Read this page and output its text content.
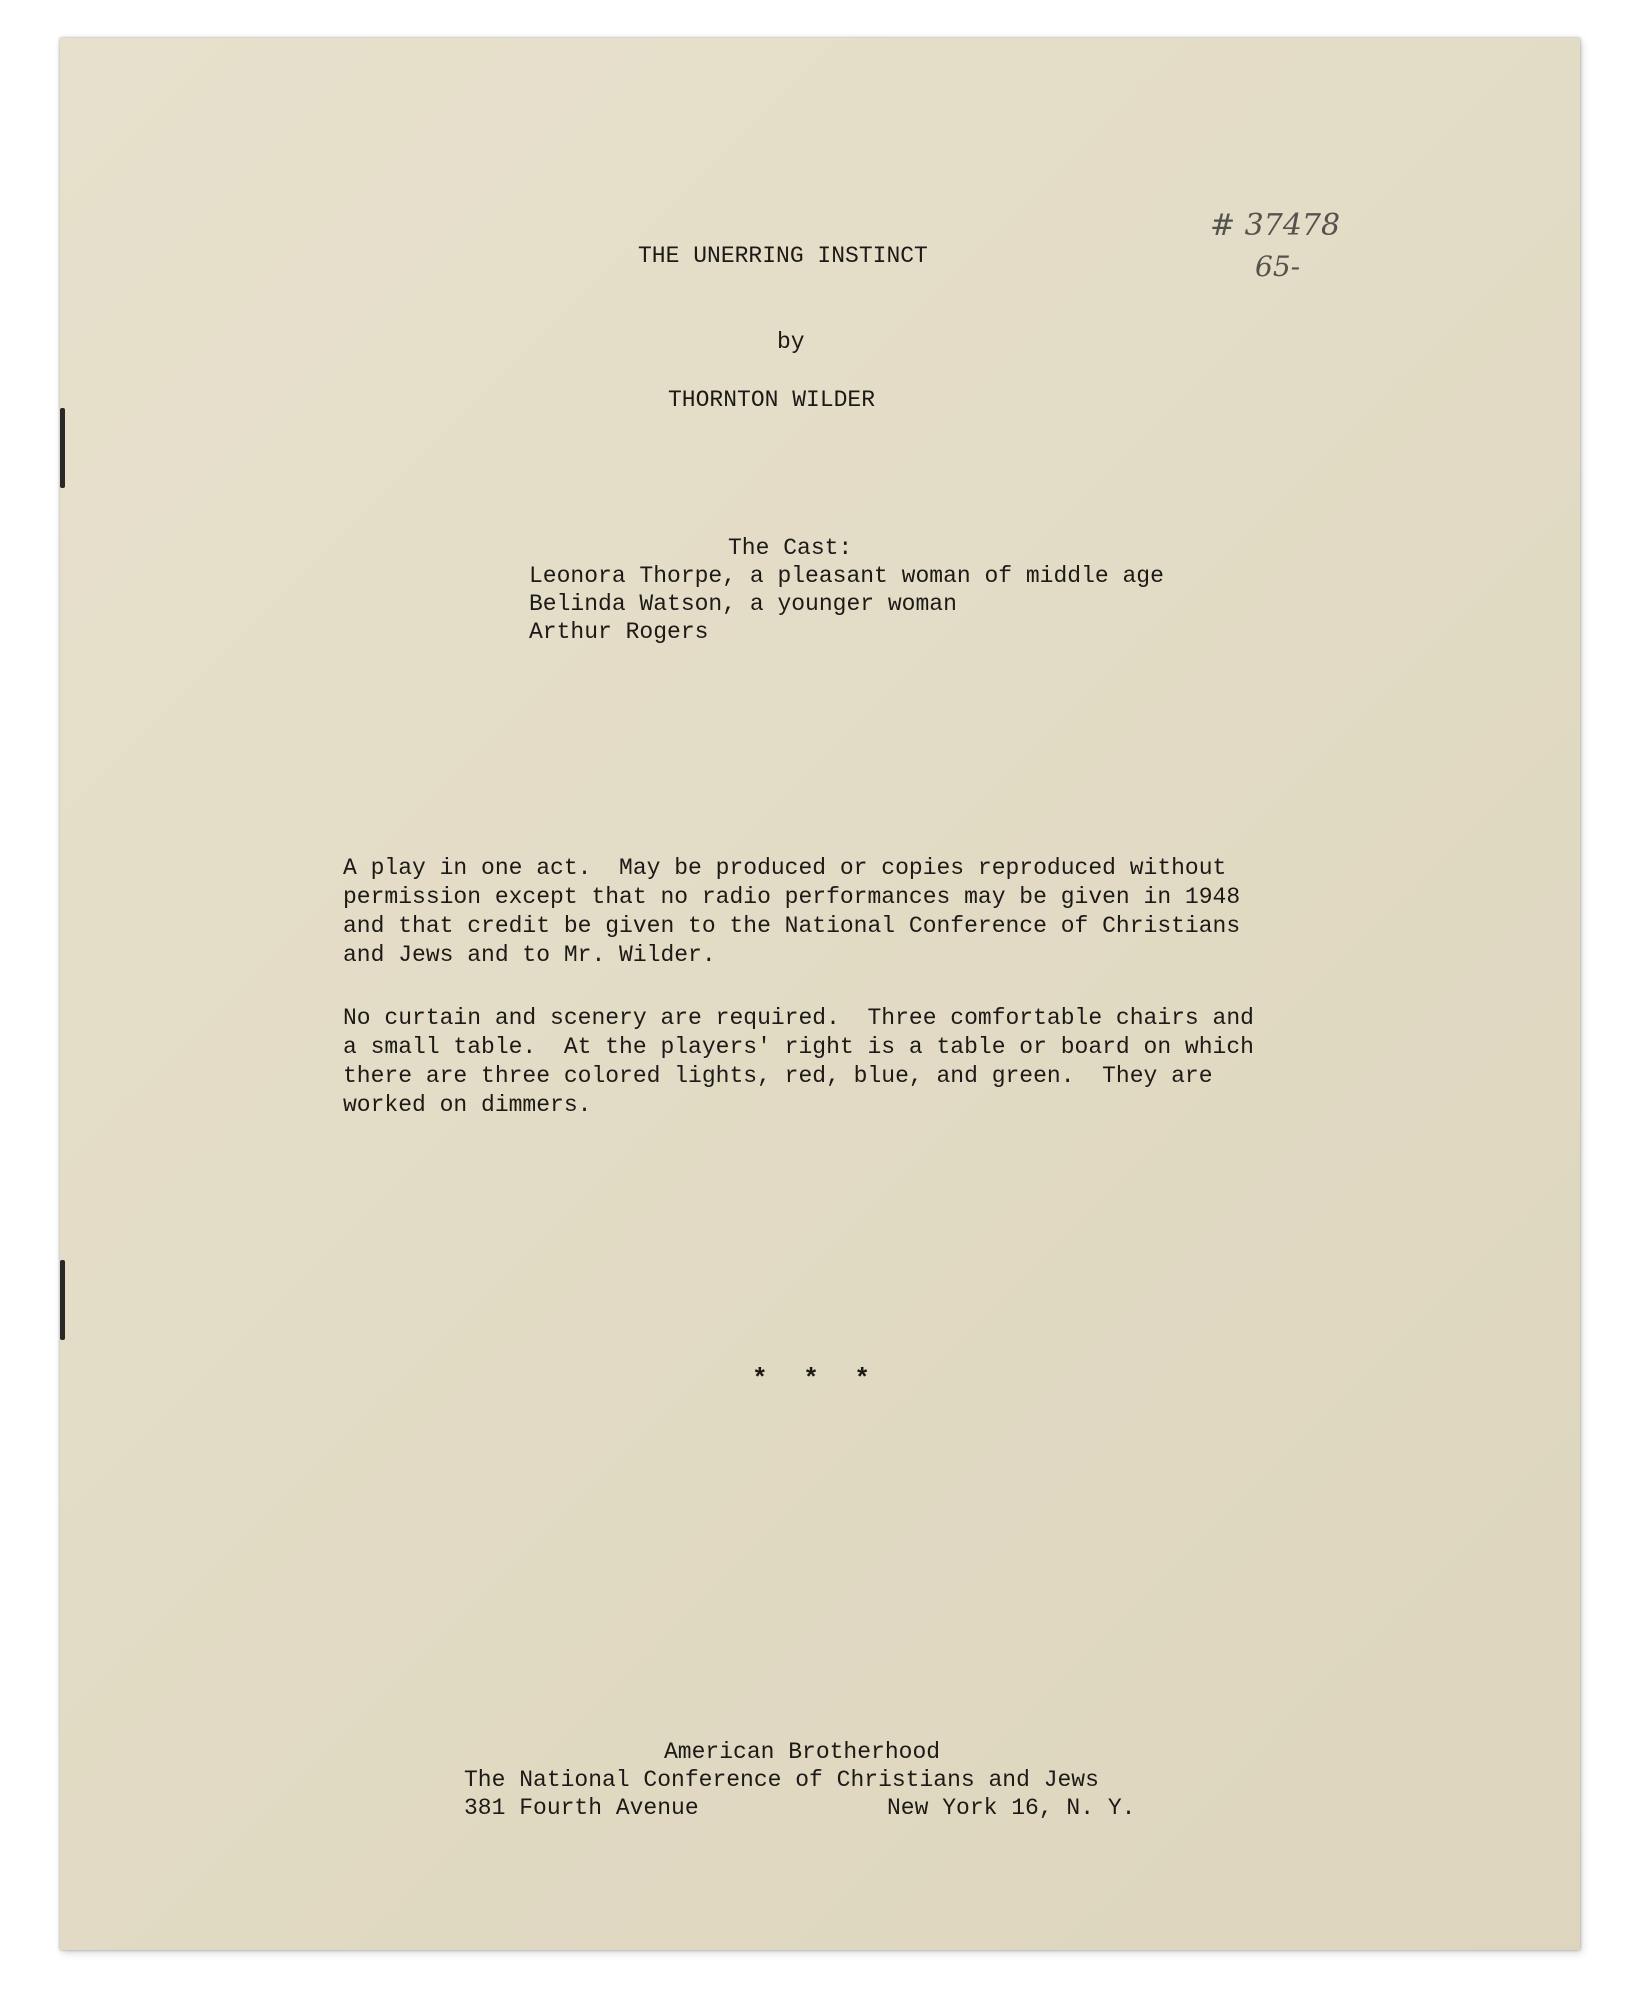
THE UNERRING INSTINCT
# 37478
65-
by
THORNTON WILDER
The Cast:
Leonora Thorpe, a pleasant woman of middle age
Belinda Watson, a younger woman
Arthur Rogers
A play in one act.  May be produced or copies reproduced without
permission except that no radio performances may be given in 1948
and that credit be given to the National Conference of Christians
and Jews and to Mr. Wilder.
No curtain and scenery are required.  Three comfortable chairs and
a small table.  At the players' right is a table or board on which
there are three colored lights, red, blue, and green.  They are
worked on dimmers.
* * *
American Brotherhood
The National Conference of Christians and Jews
381 Fourth Avenue	New York 16, N. Y.
